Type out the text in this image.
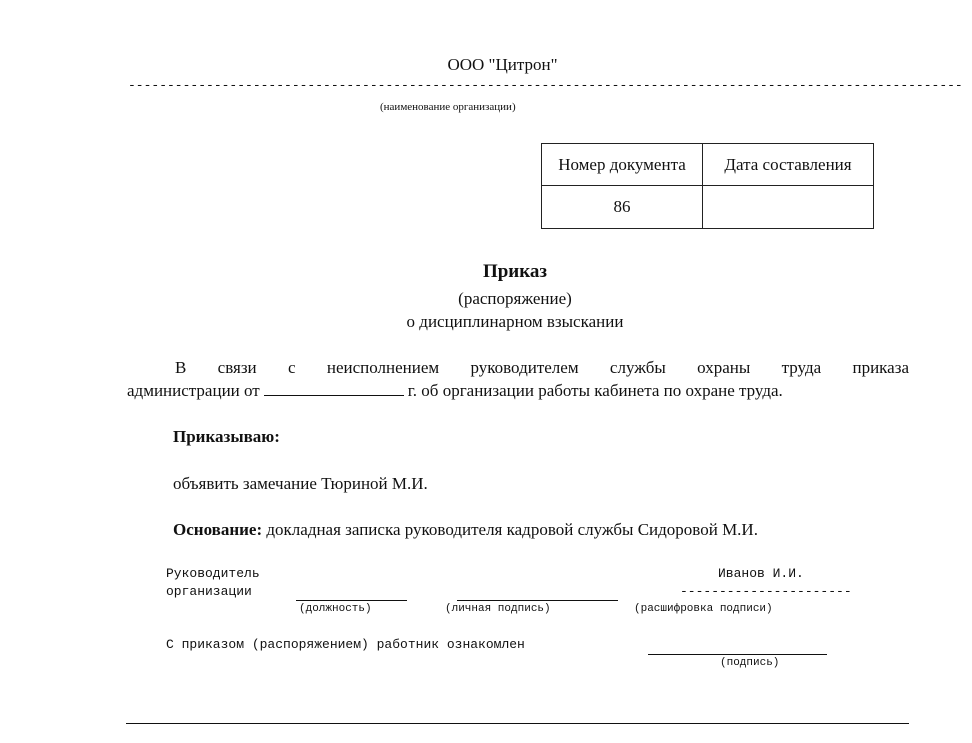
ООО "Цитрон"
-----------------------------------------------------------------------------------------------------------
(наименование организации)
Номер документа	Дата составления
86
Приказ
(распоряжение)
о дисциплинарном взыскании
В связи с неисполнением руководителем службы охраны труда приказа
администрации от	г. об организации работы кабинета по охране труда.
Приказываю:
объявить замечание Тюриной М.И.
Основание: докладная записка руководителя кадровой службы Сидоровой М.И.
Руководитель
организации
Иванов И.И.
----------------------
(должность)	(личная подпись)	(расшифровка подписи)
С приказом (распоряжением) работник ознакомлен
(подпись)
